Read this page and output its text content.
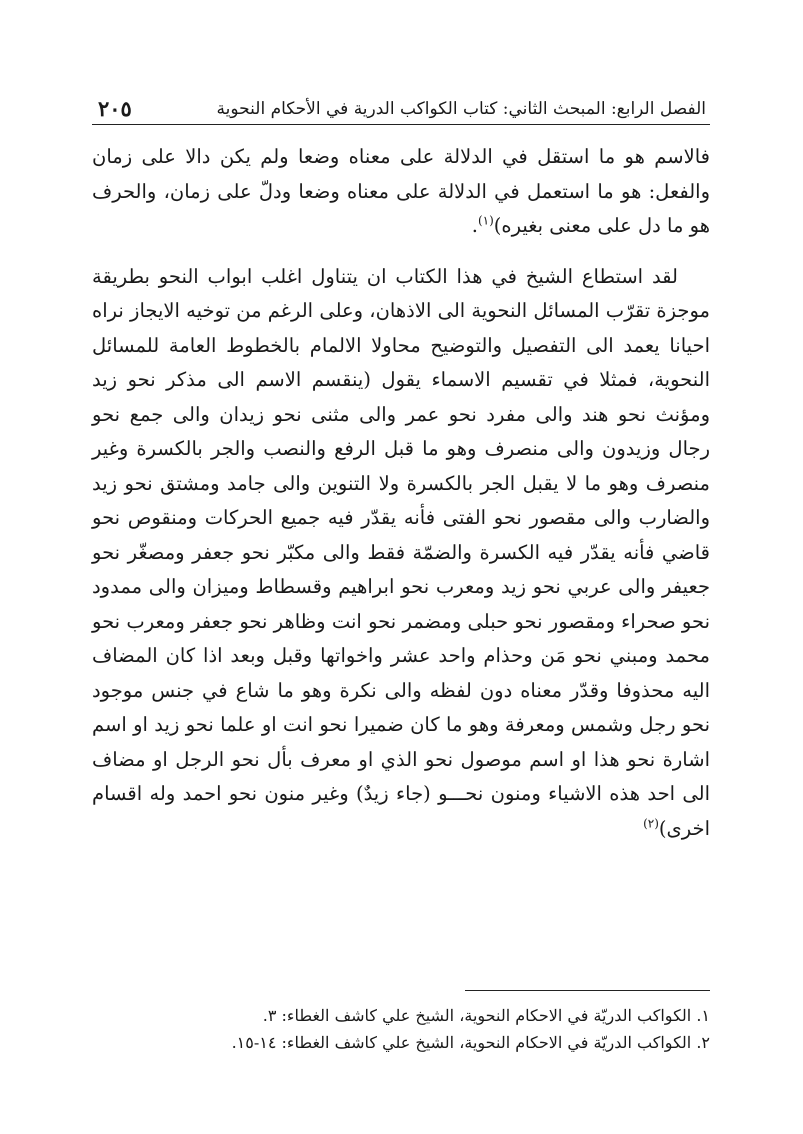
٢٠٥	الفصل الرابع: المبحث الثاني: كتاب الكواكب الدرية في الأحكام النحوية

فالاسم هو ما استقل في الدلالة على معناه وضعا ولم يكن دالا على زمان والفعل: هو ما استعمل في الدلالة على معناه وضعا ودلّ على زمان، والحرف هو ما دل على معنى بغيره)$^{(١)}$.

لقد استطاع الشيخ في هذا الكتاب ان يتناول اغلب ابواب النحو بطريقة موجزة تقرّب المسائل النحوية الى الاذهان، وعلى الرغم من توخيه الايجاز نراه احيانا يعمد الى التفصيل والتوضيح محاولا الالمام بالخطوط العامة للمسائل النحوية، فمثلا في تقسيم الاسماء يقول (ينقسم الاسم الى مذكر نحو زيد ومؤنث نحو هند والى مفرد نحو عمر والى مثنى نحو زيدان والى جمع نحو رجال وزيدون والى منصرف وهو ما قبل الرفع والنصب والجر بالكسرة وغير منصرف وهو ما لا يقبل الجر بالكسرة ولا التنوين والى جامد ومشتق نحو زيد والضارب والى مقصور نحو الفتى فأنه يقدّر فيه جميع الحركات ومنقوص نحو قاضي فأنه يقدّر فيه الكسرة والضمّة فقط والى مكبّر نحو جعفر ومصغّر نحو جعيفر والى عربي نحو زيد ومعرب نحو ابراهيم وقسطاط وميزان والى ممدود نحو صحراء ومقصور نحو حبلى ومضمر نحو انت وظاهر نحو جعفر ومعرب نحو محمد ومبني نحو مَن وحذام واحد عشر واخواتها وقبل وبعد اذا كان المضاف اليه محذوفا وقدّر معناه دون لفظه والى نكرة وهو ما شاع في جنس موجود نحو رجل وشمس ومعرفة وهو ما كان ضميرا نحو انت او علما نحو زيد او اسم اشارة نحو هذا او اسم موصول نحو الذي او معرف بأل نحو الرجل او مضاف الى احد هذه الاشياء ومنون نحـــو (جاء زيدٌ) وغير منون نحو احمد وله اقسام اخرى)$^{(٢)}$

١. الكواكب الدريّة في الاحكام النحوية، الشيخ علي كاشف الغطاء: ٣.
٢. الكواكب الدريّة في الاحكام النحوية، الشيخ علي كاشف الغطاء: ١٤-١٥.
